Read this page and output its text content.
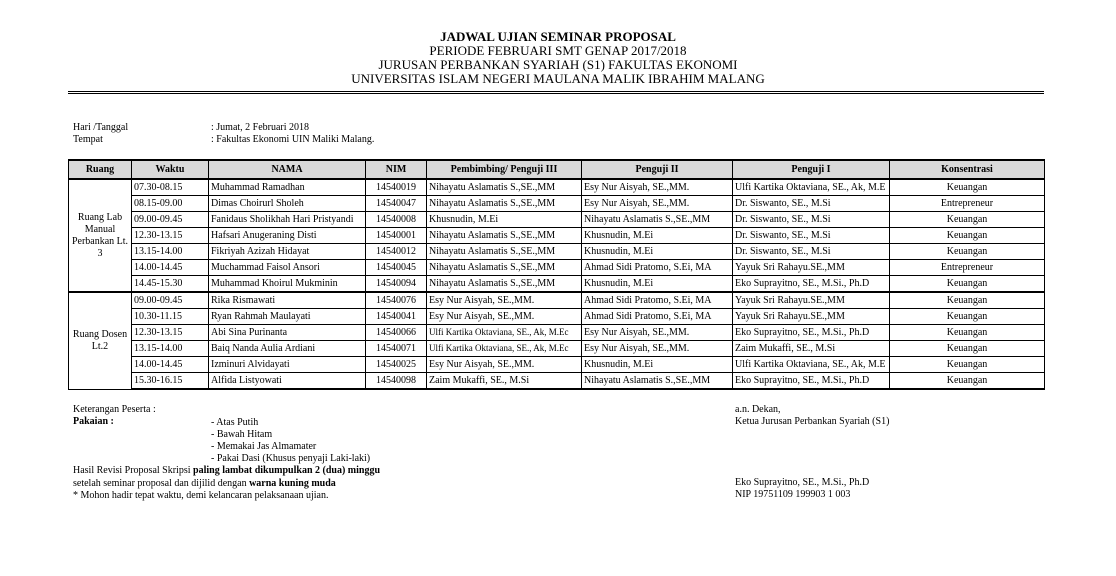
JADWAL UJIAN SEMINAR PROPOSAL
PERIODE FEBRUARI SMT GENAP 2017/2018
JURUSAN PERBANKAN SYARIAH (S1) FAKULTAS EKONOMI
UNIVERSITAS ISLAM NEGERI MAULANA MALIK IBRAHIM MALANG
Hari /Tanggal	: Jumat, 2 Februari 2018
Tempat	: Fakultas Ekonomi UIN Maliki Malang.
Ruang	Waktu	NAMA	NIM	Pembimbing/ Penguji III	Penguji II	Penguji I	Konsentrasi
Ruang Lab Manual Perbankan Lt. 3	07.30-08.15	Muhammad Ramadhan	14540019	Nihayatu Aslamatis S.,SE.,MM	Esy Nur Aisyah, SE.,MM.	Ulfi Kartika Oktaviana, SE., Ak, M.E	Keuangan
	08.15-09.00	Dimas Choirurl Sholeh	14540047	Nihayatu Aslamatis S.,SE.,MM	Esy Nur Aisyah, SE.,MM.	Dr. Siswanto, SE., M.Si	Entrepreneur
	09.00-09.45	Fanidaus Sholikhah Hari Pristyandi	14540008	Khusnudin, M.Ei	Nihayatu Aslamatis S.,SE.,MM	Dr. Siswanto, SE., M.Si	Keuangan
	12.30-13.15	Hafsari Anugeraning Disti	14540001	Nihayatu Aslamatis S.,SE.,MM	Khusnudin, M.Ei	Dr. Siswanto, SE., M.Si	Keuangan
	13.15-14.00	Fikriyah Azizah Hidayat	14540012	Nihayatu Aslamatis S.,SE.,MM	Khusnudin, M.Ei	Dr. Siswanto, SE., M.Si	Keuangan
	14.00-14.45	Muchammad Faisol Ansori	14540045	Nihayatu Aslamatis S.,SE.,MM	Ahmad Sidi Pratomo, S.Ei, MA	Yayuk Sri Rahayu.SE.,MM	Entrepreneur
	14.45-15.30	Muhammad Khoirul Mukminin	14540094	Nihayatu Aslamatis S.,SE.,MM	Khusnudin, M.Ei	Eko Suprayitno, SE., M.Si., Ph.D	Keuangan
Ruang Dosen Lt.2	09.00-09.45	Rika Rismawati	14540076	Esy Nur Aisyah, SE.,MM.	Ahmad Sidi Pratomo, S.Ei, MA	Yayuk Sri Rahayu.SE.,MM	Keuangan
	10.30-11.15	Ryan Rahmah Maulayati	14540041	Esy Nur Aisyah, SE.,MM.	Ahmad Sidi Pratomo, S.Ei, MA	Yayuk Sri Rahayu.SE.,MM	Keuangan
	12.30-13.15	Abi Sina Purinanta	14540066	Ulfi Kartika Oktaviana, SE., Ak, M.Ec	Esy Nur Aisyah, SE.,MM.	Eko Suprayitno, SE., M.Si., Ph.D	Keuangan
	13.15-14.00	Baiq Nanda Aulia Ardiani	14540071	Ulfi Kartika Oktaviana, SE., Ak, M.Ec	Esy Nur Aisyah, SE.,MM.	Zaim Mukaffi, SE., M.Si	Keuangan
	14.00-14.45	Izminuri Alvidayati	14540025	Esy Nur Aisyah, SE.,MM.	Khusnudin, M.Ei	Ulfi Kartika Oktaviana, SE., Ak, M.E	Keuangan
	15.30-16.15	Alfida Listyowati	14540098	Zaim Mukaffi, SE., M.Si	Nihayatu Aslamatis S.,SE.,MM	Eko Suprayitno, SE., M.Si., Ph.D	Keuangan
Keterangan Peserta :
Pakaian :	- Atas Putih
- Bawah Hitam
- Memakai Jas Almamater
- Pakai Dasi (Khusus penyaji Laki-laki)
Hasil Revisi Proposal Skripsi paling lambat dikumpulkan 2 (dua) minggu
setelah seminar proposal dan dijilid dengan warna kuning muda
* Mohon hadir tepat waktu, demi kelancaran pelaksanaan ujian.
a.n. Dekan,
Ketua Jurusan Perbankan Syariah (S1)
Eko Suprayitno, SE., M.Si., Ph.D
NIP 19751109 199903 1 003
